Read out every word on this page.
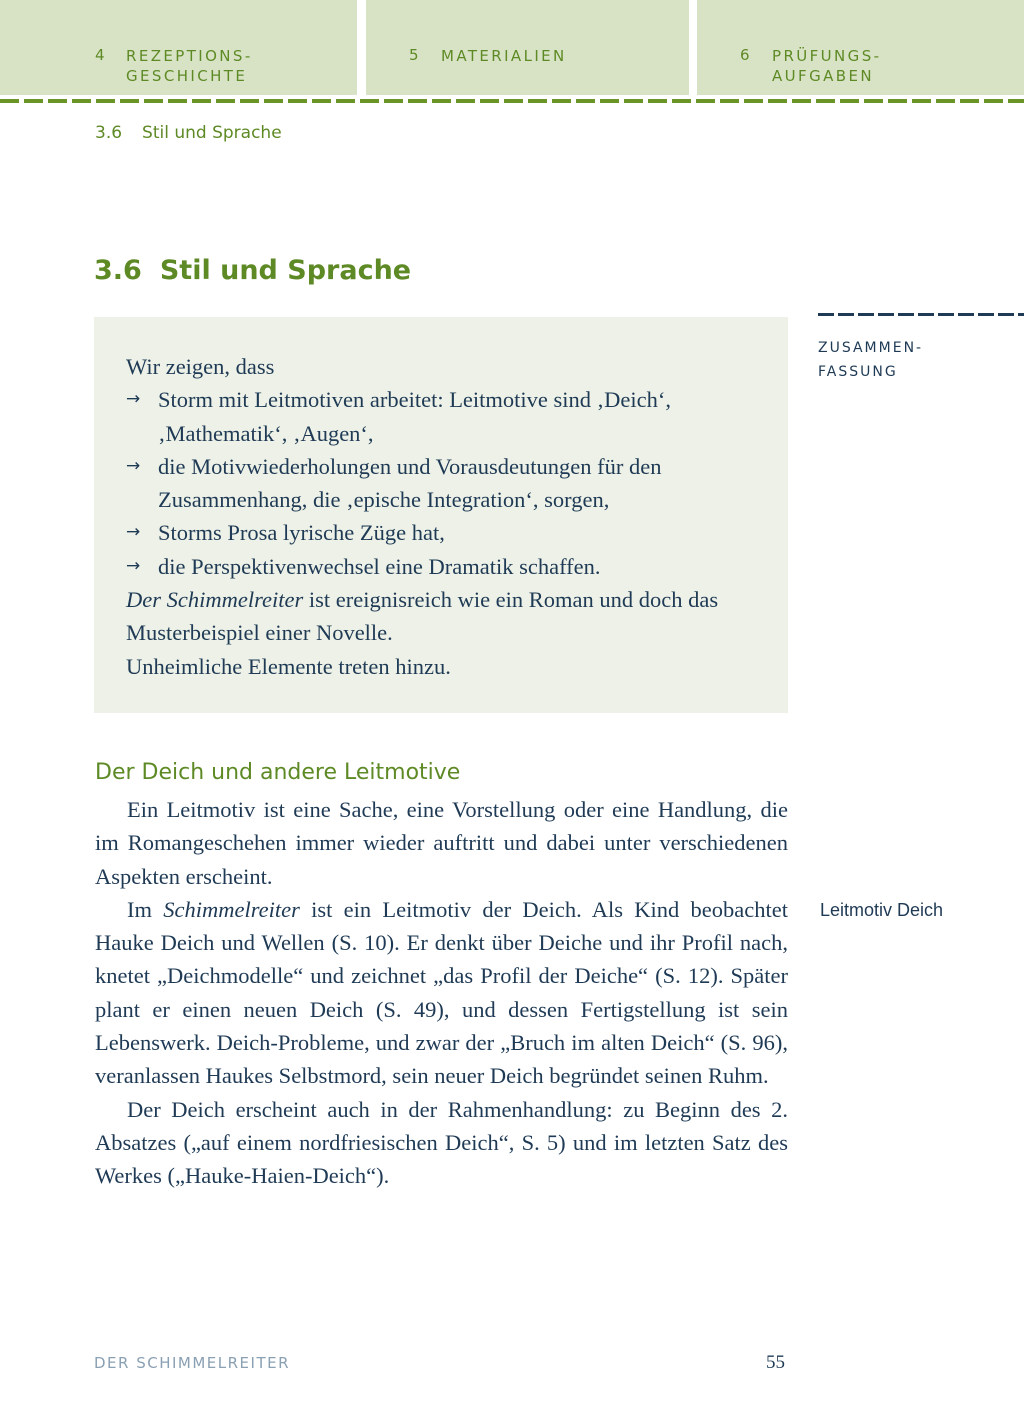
4 REZEPTIONS-
GESCHICHTE
5 MATERIALIEN	6 PRÜFUNGS-
AUFGABEN
3.6 Stil und Sprache
3.6 Stil und Sprache
ZUSAMMEN-
FASSUNG

Wir zeigen, dass

→ Storm mit Leitmotiven arbeitet: Leitmotive sind ‚Deich‘, ‚Mathematik‘, ‚Augen‘,
→ die Motivwiederholungen und Vorausdeutungen für den Zusammenhang, die ‚epische Integration‘, sorgen,
→ Storms Prosa lyrische Züge hat,
→ die Perspektivenwechsel eine Dramatik schaffen.

Der Schimmelreiter ist ereignisreich wie ein Roman und doch das Musterbeispiel einer Novelle.

Unheimliche Elemente treten hinzu.

Der Deich und andere Leitmotive

Ein Leitmotiv ist eine Sache, eine Vorstellung oder eine Handlung, die im Romangeschehen immer wieder auftritt und dabei unter verschiedenen Aspekten erscheint.

Im Schimmelreiter ist ein Leitmotiv der Deich. Als Kind beobachtet Hauke Deich und Wellen (S. 10). Er denkt über Deiche und ihr Profil nach, knetet „Deichmodelle“ und zeichnet „das Profil der Deiche“ (S. 12). Später plant er einen neuen Deich (S. 49), und dessen Fertigstellung ist sein Lebenswerk. Deich-Probleme, und zwar der „Bruch im alten Deich“ (S. 96), veranlassen Haukes Selbstmord, sein neuer Deich begründet seinen Ruhm.

Der Deich erscheint auch in der Rahmenhandlung: zu Beginn des 2. Absatzes („auf einem nordfriesischen Deich“, S. 5) und im letzten Satz des Werkes („Hauke-Haien-Deich“).

Leitmotiv Deich
DER SCHIMMELREITER	55
